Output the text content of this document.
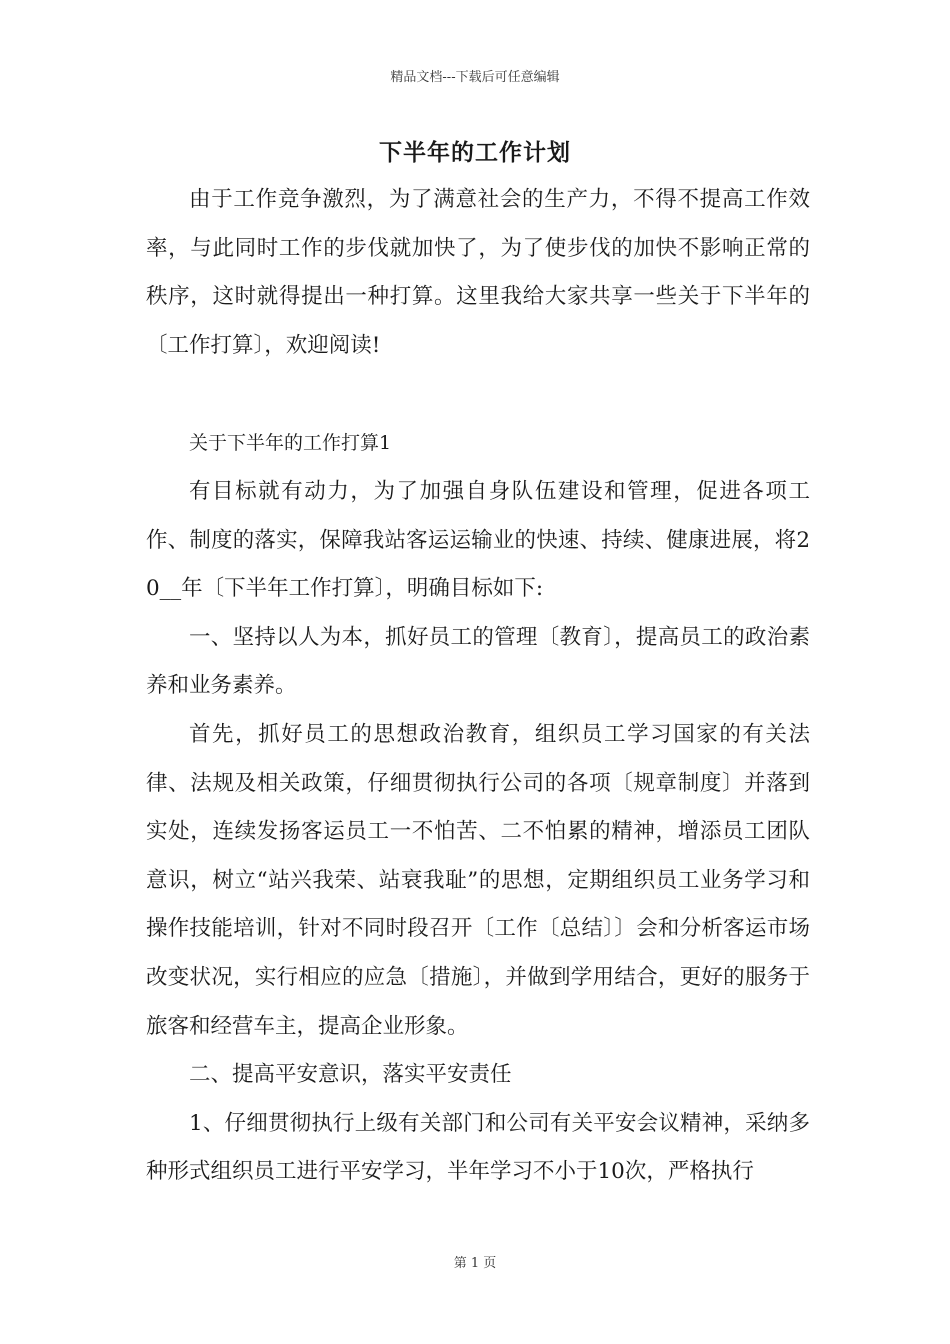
精品文档---下载后可任意编辑
下半年的工作计划

由于工作竞争激烈，为了满意社会的生产力，不得不提高工作效率，与此同时工作的步伐就加快了，为了使步伐的加快不影响正常的秩序，这时就得提出一种打算。这里我给大家共享一些关于下半年的〔工作打算〕，欢迎阅读!

关于下半年的工作打算1

有目标就有动力，为了加强自身队伍建设和管理，促进各项工作、制度的落实，保障我站客运运输业的快速、持续、健康进展，将20__年〔下半年工作打算〕，明确目标如下:

一、坚持以人为本，抓好员工的管理〔教育〕，提高员工的政治素养和业务素养。

首先，抓好员工的思想政治教育，组织员工学习国家的有关法律、法规及相关政策，仔细贯彻执行公司的各项〔规章制度〕并落到实处，连续发扬客运员工一不怕苦、二不怕累的精神，增添员工团队意识，树立“站兴我荣、站衰我耻”的思想，定期组织员工业务学习和操作技能培训，针对不同时段召开〔工作〔总结〕〕会和分析客运市场改变状况，实行相应的应急〔措施〕，并做到学用结合，更好的服务于旅客和经营车主，提高企业形象。

二、提高平安意识，落实平安责任

1、仔细贯彻执行上级有关部门和公司有关平安会议精神，采纳多种形式组织员工进行平安学习，半年学习不小于10次，严格执行

第 1 页
